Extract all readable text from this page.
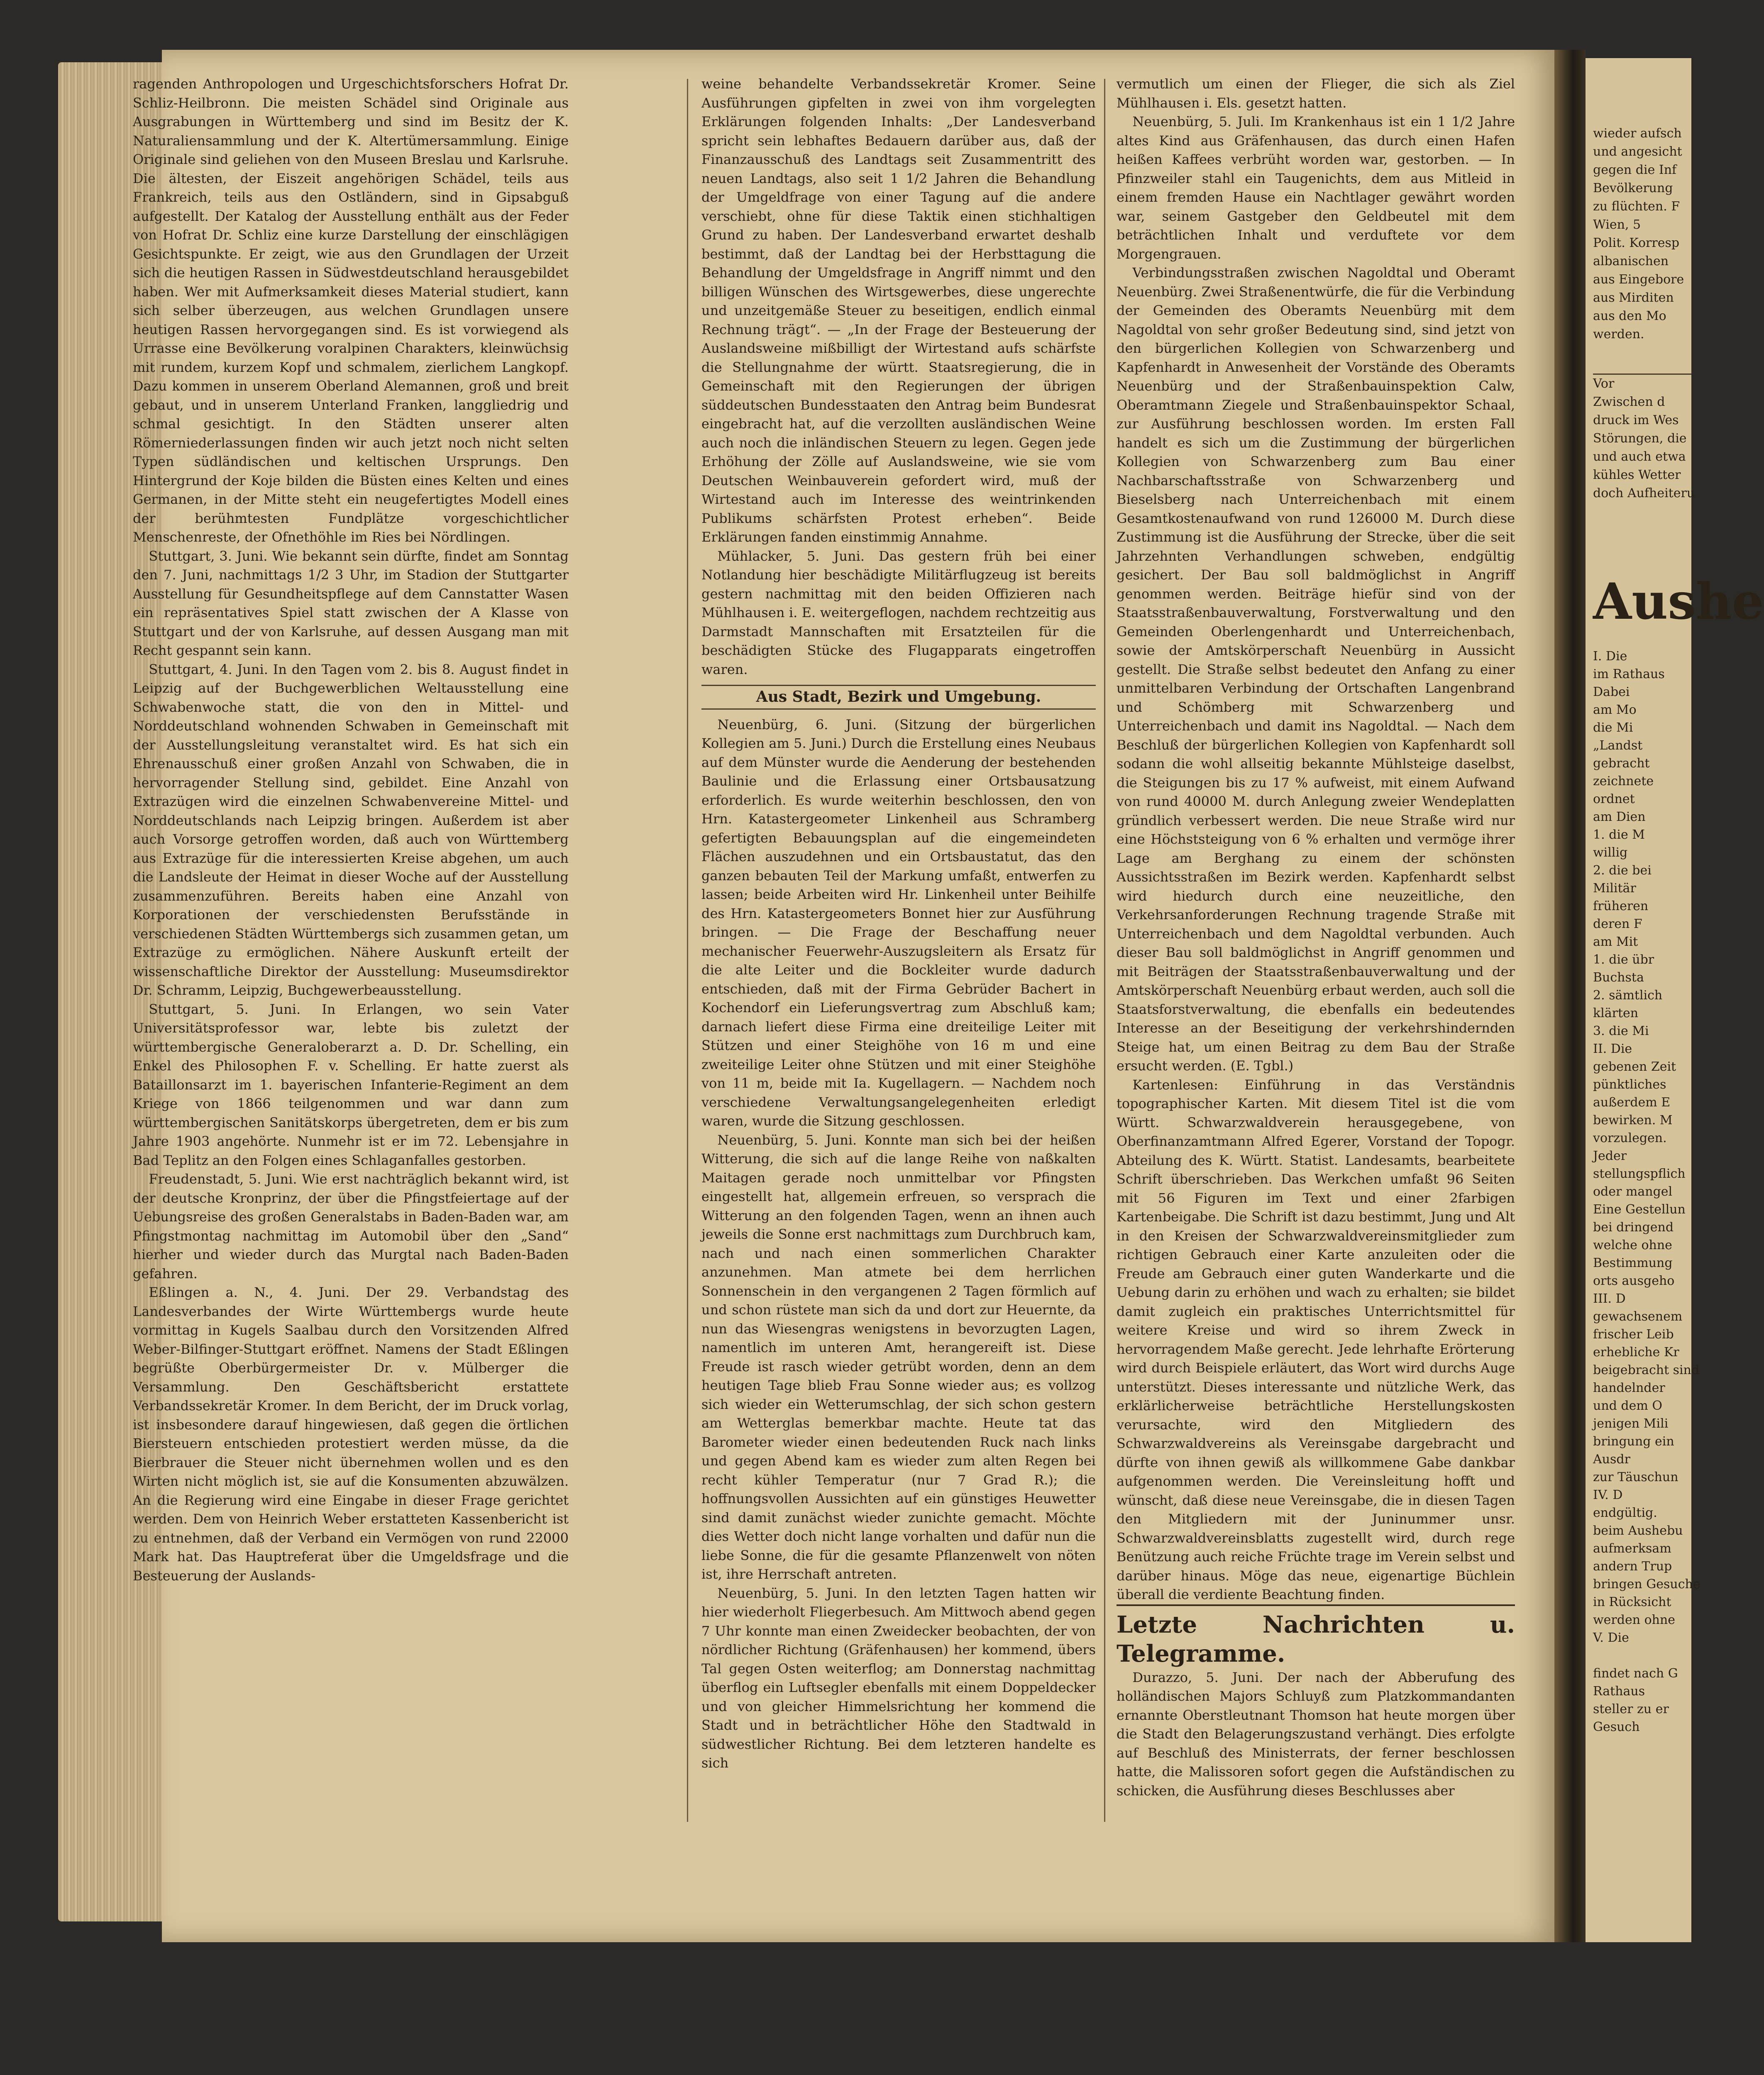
ragenden Anthropologen und Urgeschichtsforschers Hofrat Dr. Schliz-Heilbronn. Die meisten Schädel sind Originale aus Ausgrabungen in Württemberg und sind im Besitz der K. Naturaliensammlung und der K. Altertümersammlung. Einige Originale sind geliehen von den Museen Breslau und Karlsruhe. Die ältesten, der Eiszeit angehörigen Schädel, teils aus Frankreich, teils aus den Ostländern, sind in Gipsabguß aufgestellt. Der Katalog der Ausstellung enthält aus der Feder von Hofrat Dr. Schliz eine kurze Darstellung der einschlägigen Gesichtspunkte. Er zeigt, wie aus den Grundlagen der Urzeit sich die heutigen Rassen in Südwestdeutschland herausgebildet haben. Wer mit Aufmerksamkeit dieses Material studiert, kann sich selber überzeugen, aus welchen Grundlagen unsere heutigen Rassen hervorgegangen sind. Es ist vorwiegend als Urrasse eine Bevölkerung voralpinen Charakters, kleinwüchsig mit rundem, kurzem Kopf und schmalem, zierlichem Langkopf. Dazu kommen in unserem Oberland Alemannen, groß und breit gebaut, und in unserem Unterland Franken, langgliedrig und schmal gesichtigt. In den Städten unserer alten Römerniederlassungen finden wir auch jetzt noch nicht selten Typen südländischen und keltischen Ursprungs. Den Hintergrund der Koje bilden die Büsten eines Kelten und eines Germanen, in der Mitte steht ein neugefertigtes Modell eines der berühmtesten Fundplätze vorgeschichtlicher Menschenreste, der Ofnethöhle im Ries bei Nördlingen.

Stuttgart, 3. Juni. Wie bekannt sein dürfte, findet am Sonntag den 7. Juni, nachmittags 1/2 3 Uhr, im Stadion der Stuttgarter Ausstellung für Gesundheitspflege auf dem Cannstatter Wasen ein repräsentatives Spiel statt zwischen der A Klasse von Stuttgart und der von Karlsruhe, auf dessen Ausgang man mit Recht gespannt sein kann.

Stuttgart, 4. Juni. In den Tagen vom 2. bis 8. August findet in Leipzig auf der Buchgewerblichen Weltausstellung eine Schwabenwoche statt, die von den in Mittel- und Norddeutschland wohnenden Schwaben in Gemeinschaft mit der Ausstellungsleitung veranstaltet wird. Es hat sich ein Ehrenausschuß einer großen Anzahl von Schwaben, die in hervorragender Stellung sind, gebildet. Eine Anzahl von Extrazügen wird die einzelnen Schwabenvereine Mittel- und Norddeutschlands nach Leipzig bringen. Außerdem ist aber auch Vorsorge getroffen worden, daß auch von Württemberg aus Extrazüge für die interessierten Kreise abgehen, um auch die Landsleute der Heimat in dieser Woche auf der Ausstellung zusammenzuführen. Bereits haben eine Anzahl von Korporationen der verschiedensten Berufsstände in verschiedenen Städten Württembergs sich zusammen getan, um Extrazüge zu ermöglichen. Nähere Auskunft erteilt der wissenschaftliche Direktor der Ausstellung: Museumsdirektor Dr. Schramm, Leipzig, Buchgewerbeausstellung.

Stuttgart, 5. Juni. In Erlangen, wo sein Vater Universitätsprofessor war, lebte bis zuletzt der württembergische Generaloberarzt a. D. Dr. Schelling, ein Enkel des Philosophen F. v. Schelling. Er hatte zuerst als Bataillonsarzt im 1. bayerischen Infanterie-Regiment an dem Kriege von 1866 teilgenommen und war dann zum württembergischen Sanitätskorps übergetreten, dem er bis zum Jahre 1903 angehörte. Nunmehr ist er im 72. Lebensjahre in Bad Teplitz an den Folgen eines Schlaganfalles gestorben.

Freudenstadt, 5. Juni. Wie erst nachträglich bekannt wird, ist der deutsche Kronprinz, der über die Pfingstfeiertage auf der Uebungsreise des großen Generalstabs in Baden-Baden war, am Pfingstmontag nachmittag im Automobil über den „Sand“ hierher und wieder durch das Murgtal nach Baden-Baden gefahren.

Eßlingen a. N., 4. Juni. Der 29. Verbandstag des Landesverbandes der Wirte Württembergs wurde heute vormittag in Kugels Saalbau durch den Vorsitzenden Alfred Weber-Bilfinger-Stuttgart eröffnet. Namens der Stadt Eßlingen begrüßte Oberbürgermeister Dr. v. Mülberger die Versammlung. Den Geschäftsbericht erstattete Verbandssekretär Kromer. In dem Bericht, der im Druck vorlag, ist insbesondere darauf hingewiesen, daß gegen die örtlichen Biersteuern entschieden protestiert werden müsse, da die Bierbrauer die Steuer nicht übernehmen wollen und es den Wirten nicht möglich ist, sie auf die Konsumenten abzuwälzen. An die Regierung wird eine Eingabe in dieser Frage gerichtet werden. Dem von Heinrich Weber erstatteten Kassenbericht ist zu entnehmen, daß der Verband ein Vermögen von rund 22000 Mark hat. Das Hauptreferat über die Umgeldsfrage und die Besteuerung der Auslands-

weine behandelte Verbandssekretär Kromer. Seine Ausführungen gipfelten in zwei von ihm vorgelegten Erklärungen folgenden Inhalts: „Der Landesverband spricht sein lebhaftes Bedauern darüber aus, daß der Finanzausschuß des Landtags seit Zusammentritt des neuen Landtags, also seit 1 1/2 Jahren die Behandlung der Umgeldfrage von einer Tagung auf die andere verschiebt, ohne für diese Taktik einen stichhaltigen Grund zu haben. Der Landesverband erwartet deshalb bestimmt, daß der Landtag bei der Herbsttagung die Behandlung der Umgeldsfrage in Angriff nimmt und den billigen Wünschen des Wirtsgewerbes, diese ungerechte und unzeitgemäße Steuer zu beseitigen, endlich einmal Rechnung trägt“. — „In der Frage der Besteuerung der Auslandsweine mißbilligt der Wirtestand aufs schärfste die Stellungnahme der württ. Staatsregierung, die in Gemeinschaft mit den Regierungen der übrigen süddeutschen Bundesstaaten den Antrag beim Bundesrat eingebracht hat, auf die verzollten ausländischen Weine auch noch die inländischen Steuern zu legen. Gegen jede Erhöhung der Zölle auf Auslandsweine, wie sie vom Deutschen Weinbauverein gefordert wird, muß der Wirtestand auch im Interesse des weintrinkenden Publikums schärfsten Protest erheben“. Beide Erklärungen fanden einstimmig Annahme.

Mühlacker, 5. Juni. Das gestern früh bei einer Notlandung hier beschädigte Militärflugzeug ist bereits gestern nachmittag mit den beiden Offizieren nach Mühlhausen i. E. weitergeflogen, nachdem rechtzeitig aus Darmstadt Mannschaften mit Ersatzteilen für die beschädigten Stücke des Flugapparats eingetroffen waren.

Aus Stadt, Bezirk und Umgebung.

Neuenbürg, 6. Juni. (Sitzung der bürgerlichen Kollegien am 5. Juni.) Durch die Erstellung eines Neubaus auf dem Münster wurde die Aenderung der bestehenden Baulinie und die Erlassung einer Ortsbausatzung erforderlich. Es wurde weiterhin beschlossen, den von Hrn. Katastergeometer Linkenheil aus Schramberg gefertigten Bebauungsplan auf die eingemeindeten Flächen auszudehnen und ein Ortsbaustatut, das den ganzen bebauten Teil der Markung umfaßt, entwerfen zu lassen; beide Arbeiten wird Hr. Linkenheil unter Beihilfe des Hrn. Katastergeometers Bonnet hier zur Ausführung bringen. — Die Frage der Beschaffung neuer mechanischer Feuerwehr-Auszugsleitern als Ersatz für die alte Leiter und die Bockleiter wurde dadurch entschieden, daß mit der Firma Gebrüder Bachert in Kochendorf ein Lieferungsvertrag zum Abschluß kam; darnach liefert diese Firma eine dreiteilige Leiter mit Stützen und einer Steighöhe von 16 m und eine zweiteilige Leiter ohne Stützen und mit einer Steighöhe von 11 m, beide mit Ia. Kugellagern. — Nachdem noch verschiedene Verwaltungsangelegenheiten erledigt waren, wurde die Sitzung geschlossen.

Neuenbürg, 5. Juni. Konnte man sich bei der heißen Witterung, die sich auf die lange Reihe von naßkalten Maitagen gerade noch unmittelbar vor Pfingsten eingestellt hat, allgemein erfreuen, so versprach die Witterung an den folgenden Tagen, wenn an ihnen auch jeweils die Sonne erst nachmittags zum Durchbruch kam, nach und nach einen sommerlichen Charakter anzunehmen. Man atmete bei dem herrlichen Sonnenschein in den vergangenen 2 Tagen förmlich auf und schon rüstete man sich da und dort zur Heuernte, da nun das Wiesengras wenigstens in bevorzugten Lagen, namentlich im unteren Amt, herangereift ist. Diese Freude ist rasch wieder getrübt worden, denn an dem heutigen Tage blieb Frau Sonne wieder aus; es vollzog sich wieder ein Wetterumschlag, der sich schon gestern am Wetterglas bemerkbar machte. Heute tat das Barometer wieder einen bedeutenden Ruck nach links und gegen Abend kam es wieder zum alten Regen bei recht kühler Temperatur (nur 7 Grad R.); die hoffnungsvollen Aussichten auf ein günstiges Heuwetter sind damit zunächst wieder zunichte gemacht. Möchte dies Wetter doch nicht lange vorhalten und dafür nun die liebe Sonne, die für die gesamte Pflanzenwelt von nöten ist, ihre Herrschaft antreten.

Neuenbürg, 5. Juni. In den letzten Tagen hatten wir hier wiederholt Fliegerbesuch. Am Mittwoch abend gegen 7 Uhr konnte man einen Zweidecker beobachten, der von nördlicher Richtung (Gräfenhausen) her kommend, übers Tal gegen Osten weiterflog; am Donnerstag nachmittag überflog ein Luftsegler ebenfalls mit einem Doppeldecker und von gleicher Himmelsrichtung her kommend die Stadt und in beträchtlicher Höhe den Stadtwald in südwestlicher Richtung. Bei dem letzteren handelte es sich

vermutlich um einen der Flieger, die sich als Ziel Mühlhausen i. Els. gesetzt hatten.

Neuenbürg, 5. Juli. Im Krankenhaus ist ein 1 1/2 Jahre altes Kind aus Gräfenhausen, das durch einen Hafen heißen Kaffees verbrüht worden war, gestorben. — In Pfinzweiler stahl ein Taugenichts, dem aus Mitleid in einem fremden Hause ein Nachtlager gewährt worden war, seinem Gastgeber den Geldbeutel mit dem beträchtlichen Inhalt und verduftete vor dem Morgengrauen.

Verbindungsstraßen zwischen Nagoldtal und Oberamt Neuenbürg. Zwei Straßenentwürfe, die für die Verbindung der Gemeinden des Oberamts Neuenbürg mit dem Nagoldtal von sehr großer Bedeutung sind, sind jetzt von den bürgerlichen Kollegien von Schwarzenberg und Kapfenhardt in Anwesenheit der Vorstände des Oberamts Neuenbürg und der Straßenbauinspektion Calw, Oberamtmann Ziegele und Straßenbauinspektor Schaal, zur Ausführung beschlossen worden. Im ersten Fall handelt es sich um die Zustimmung der bürgerlichen Kollegien von Schwarzenberg zum Bau einer Nachbarschaftsstraße von Schwarzenberg und Bieselsberg nach Unterreichenbach mit einem Gesamtkostenaufwand von rund 126000 M. Durch diese Zustimmung ist die Ausführung der Strecke, über die seit Jahrzehnten Verhandlungen schweben, endgültig gesichert. Der Bau soll baldmöglichst in Angriff genommen werden. Beiträge hiefür sind von der Staatsstraßenbauverwaltung, Forstverwaltung und den Gemeinden Oberlengenhardt und Unterreichenbach, sowie der Amtskörperschaft Neuenbürg in Aussicht gestellt. Die Straße selbst bedeutet den Anfang zu einer unmittelbaren Verbindung der Ortschaften Langenbrand und Schömberg mit Schwarzenberg und Unterreichenbach und damit ins Nagoldtal. — Nach dem Beschluß der bürgerlichen Kollegien von Kapfenhardt soll sodann die wohl allseitig bekannte Mühlsteige daselbst, die Steigungen bis zu 17 % aufweist, mit einem Aufwand von rund 40000 M. durch Anlegung zweier Wendeplatten gründlich verbessert werden. Die neue Straße wird nur eine Höchststeigung von 6 % erhalten und vermöge ihrer Lage am Berghang zu einem der schönsten Aussichtsstraßen im Bezirk werden. Kapfenhardt selbst wird hiedurch durch eine neuzeitliche, den Verkehrsanforderungen Rechnung tragende Straße mit Unterreichenbach und dem Nagoldtal verbunden. Auch dieser Bau soll baldmöglichst in Angriff genommen und mit Beiträgen der Staatsstraßenbauverwaltung und der Amtskörperschaft Neuenbürg erbaut werden, auch soll die Staatsforstverwaltung, die ebenfalls ein bedeutendes Interesse an der Beseitigung der verkehrshindernden Steige hat, um einen Beitrag zu dem Bau der Straße ersucht werden. (E. Tgbl.)

Kartenlesen: Einführung in das Verständnis topographischer Karten. Mit diesem Titel ist die vom Württ. Schwarzwaldverein herausgegebene, von Oberfinanzamtmann Alfred Egerer, Vorstand der Topogr. Abteilung des K. Württ. Statist. Landesamts, bearbeitete Schrift überschrieben. Das Werkchen umfaßt 96 Seiten mit 56 Figuren im Text und einer 2farbigen Kartenbeigabe. Die Schrift ist dazu bestimmt, Jung und Alt in den Kreisen der Schwarzwaldvereinsmitglieder zum richtigen Gebrauch einer Karte anzuleiten oder die Freude am Gebrauch einer guten Wanderkarte und die Uebung darin zu erhöhen und wach zu erhalten; sie bildet damit zugleich ein praktisches Unterrichtsmittel für weitere Kreise und wird so ihrem Zweck in hervorragendem Maße gerecht. Jede lehrhafte Erörterung wird durch Beispiele erläutert, das Wort wird durchs Auge unterstützt. Dieses interessante und nützliche Werk, das erklärlicherweise beträchtliche Herstellungskosten verursachte, wird den Mitgliedern des Schwarzwaldvereins als Vereinsgabe dargebracht und dürfte von ihnen gewiß als willkommene Gabe dankbar aufgenommen werden. Die Vereinsleitung hofft und wünscht, daß diese neue Vereinsgabe, die in diesen Tagen den Mitgliedern mit der Juninummer unsr. Schwarzwaldvereinsblatts zugestellt wird, durch rege Benützung auch reiche Früchte trage im Verein selbst und darüber hinaus. Möge das neue, eigenartige Büchlein überall die verdiente Beachtung finden.

Letzte Nachrichten u. Telegramme.

Durazzo, 5. Juni. Der nach der Abberufung des holländischen Majors Schluyß zum Platzkommandanten ernannte Oberstleutnant Thomson hat heute morgen über die Stadt den Belagerungszustand verhängt. Dies erfolgte auf Beschluß des Ministerrats, der ferner beschlossen hatte, die Malissoren sofort gegen die Aufständischen zu schicken, die Ausführung dieses Beschlusses aber

wieder aufsch
und angesicht
gegen die Inf
Bevölkerung
zu flüchten. F
Wien, 5
Polit. Korresp
albanischen
aus Eingebore
aus Mirditen
aus den Mo
werden.
Vor
Zwischen d
druck im Wes
Störungen, die
und auch etwa
kühles Wetter
doch Aufheiteru
Aushe
I. Die
im Rathaus
Dabei
am Mo
die Mi
„Landst
gebracht
zeichnete
ordnet
am Dien
1. die M
willig
2. die bei
Militär
früheren
deren F
am Mit
1. die übr
Buchsta
2. sämtlich
klärten
3. die Mi
II. Die
gebenen Zeit
pünktliches
außerdem E
bewirken. M
vorzulegen.
Jeder
stellungspflich
oder mangel
Eine Gestellun
bei dringend
welche ohne
Bestimmung
orts ausgeho
III. D
gewachsenem
frischer Leib
erhebliche Kr
beigebracht sind
handelnder
und dem O
jenigen Mili
bringung ein
Ausdr
zur Täuschun
IV. D
endgültig.
beim Aushebu
aufmerksam
andern Trup
bringen Gesuche
in Rücksicht
werden ohne
V. Die
findet nach G
Rathaus
steller zu er
Gesuch
